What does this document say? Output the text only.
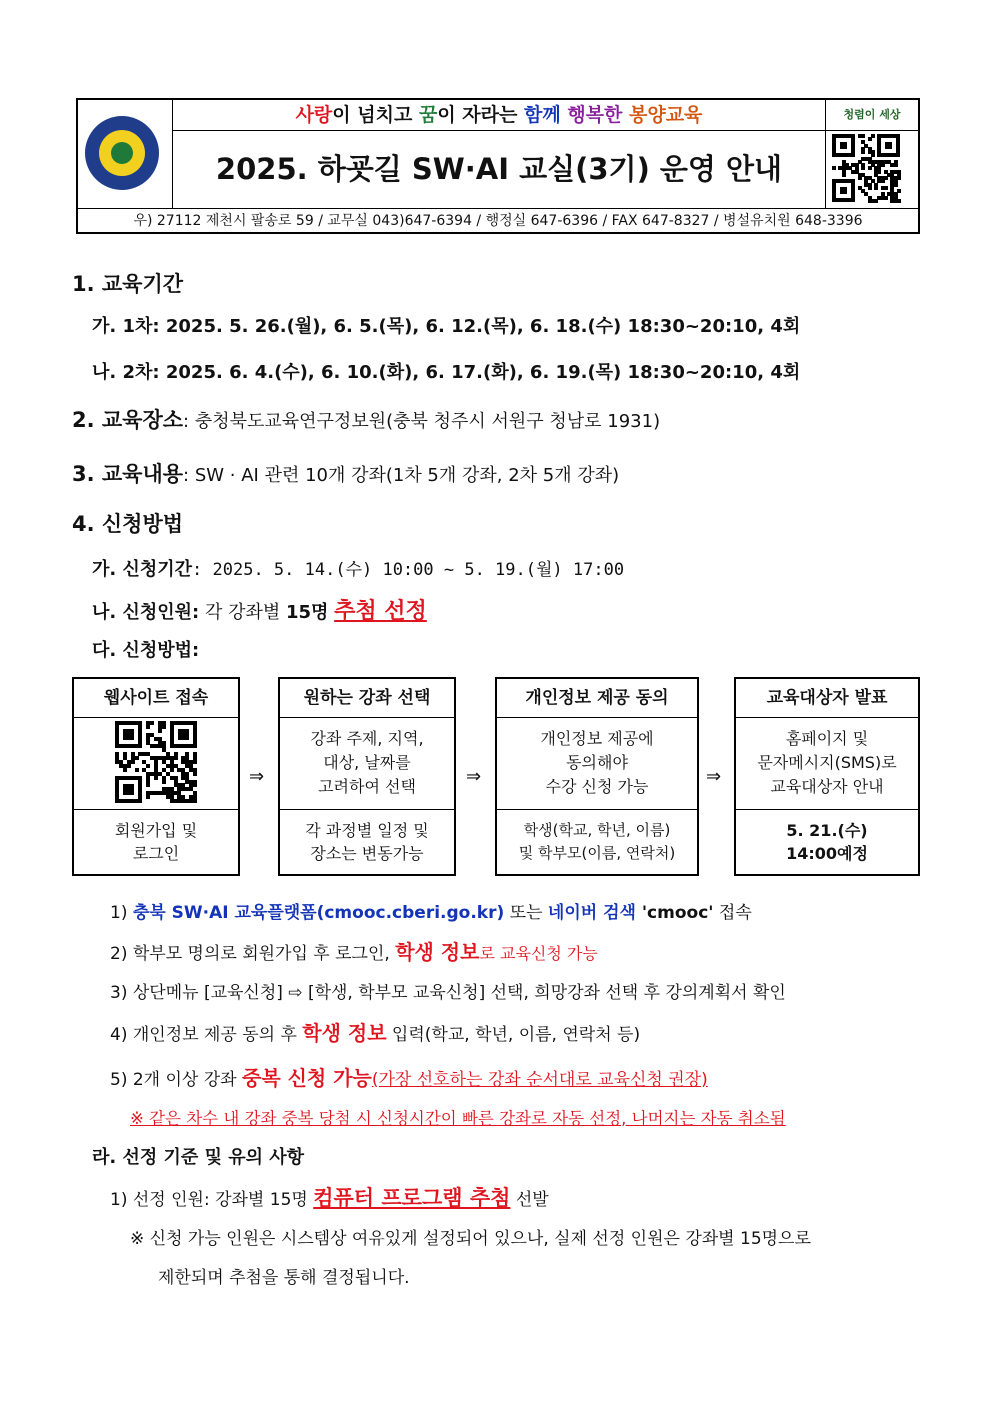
사랑이 넘치고 꿈이 자라는 함께 행복한 봉양교육	청렴이 세상
2025. 하굣길 SW·AI 교실(3기) 운영 안내
우) 27112 제천시 팔송로 59 / 교무실 043)647-6394 / 행정실 647-6396 / FAX 647-8327 / 병설유치원 648-3396
1. 교육기간
가. 1차: 2025. 5. 26.(월), 6. 5.(목), 6. 12.(목), 6. 18.(수) 18:30~20:10, 4회
나. 2차: 2025. 6. 4.(수), 6. 10.(화), 6. 17.(화), 6. 19.(목) 18:30~20:10, 4회
2. 교육장소: 충청북도교육연구정보원(충북 청주시 서원구 청남로 1931)
3. 교육내용: SW · AI 관련 10개 강좌(1차 5개 강좌, 2차 5개 강좌)
4. 신청방법
가. 신청기간: 2025. 5. 14.(수) 10:00 ~ 5. 19.(월) 17:00
나. 신청인원: 각 강좌별 15명 추첨 선정
다. 신청방법:
웹사이트 접속
회원가입 및
로그인
⇒
원하는 강좌 선택
강좌 주제, 지역,
대상, 날짜를
고려하여 선택
각 과정별 일정 및
장소는 변동가능
⇒
개인정보 제공 동의
개인정보 제공에
동의해야
수강 신청 가능
학생(학교, 학년, 이름)
및 학부모(이름, 연락처)
⇒
교육대상자 발표
홈페이지 및
문자메시지(SMS)로
교육대상자 안내
5. 21.(수)
14:00예정
1) 충북 SW·AI 교육플랫폼(cmooc.cberi.go.kr) 또는 네이버 검색 'cmooc' 접속
2) 학부모 명의로 회원가입 후 로그인, 학생 정보로 교육신청 가능
3) 상단메뉴 [교육신청] ⇨ [학생, 학부모 교육신청] 선택, 희망강좌 선택 후 강의계획서 확인
4) 개인정보 제공 동의 후 학생 정보 입력(학교, 학년, 이름, 연락처 등)
5) 2개 이상 강좌 중복 신청 가능(가장 선호하는 강좌 순서대로 교육신청 권장)
※ 같은 차수 내 강좌 중복 당첨 시 신청시간이 빠른 강좌로 자동 선정, 나머지는 자동 취소됨
라. 선정 기준 및 유의 사항
1) 선정 인원: 강좌별 15명 컴퓨터 프로그램 추첨 선발
※ 신청 가능 인원은 시스템상 여유있게 설정되어 있으나, 실제 선정 인원은 강좌별 15명으로
제한되며 추첨을 통해 결정됩니다.
